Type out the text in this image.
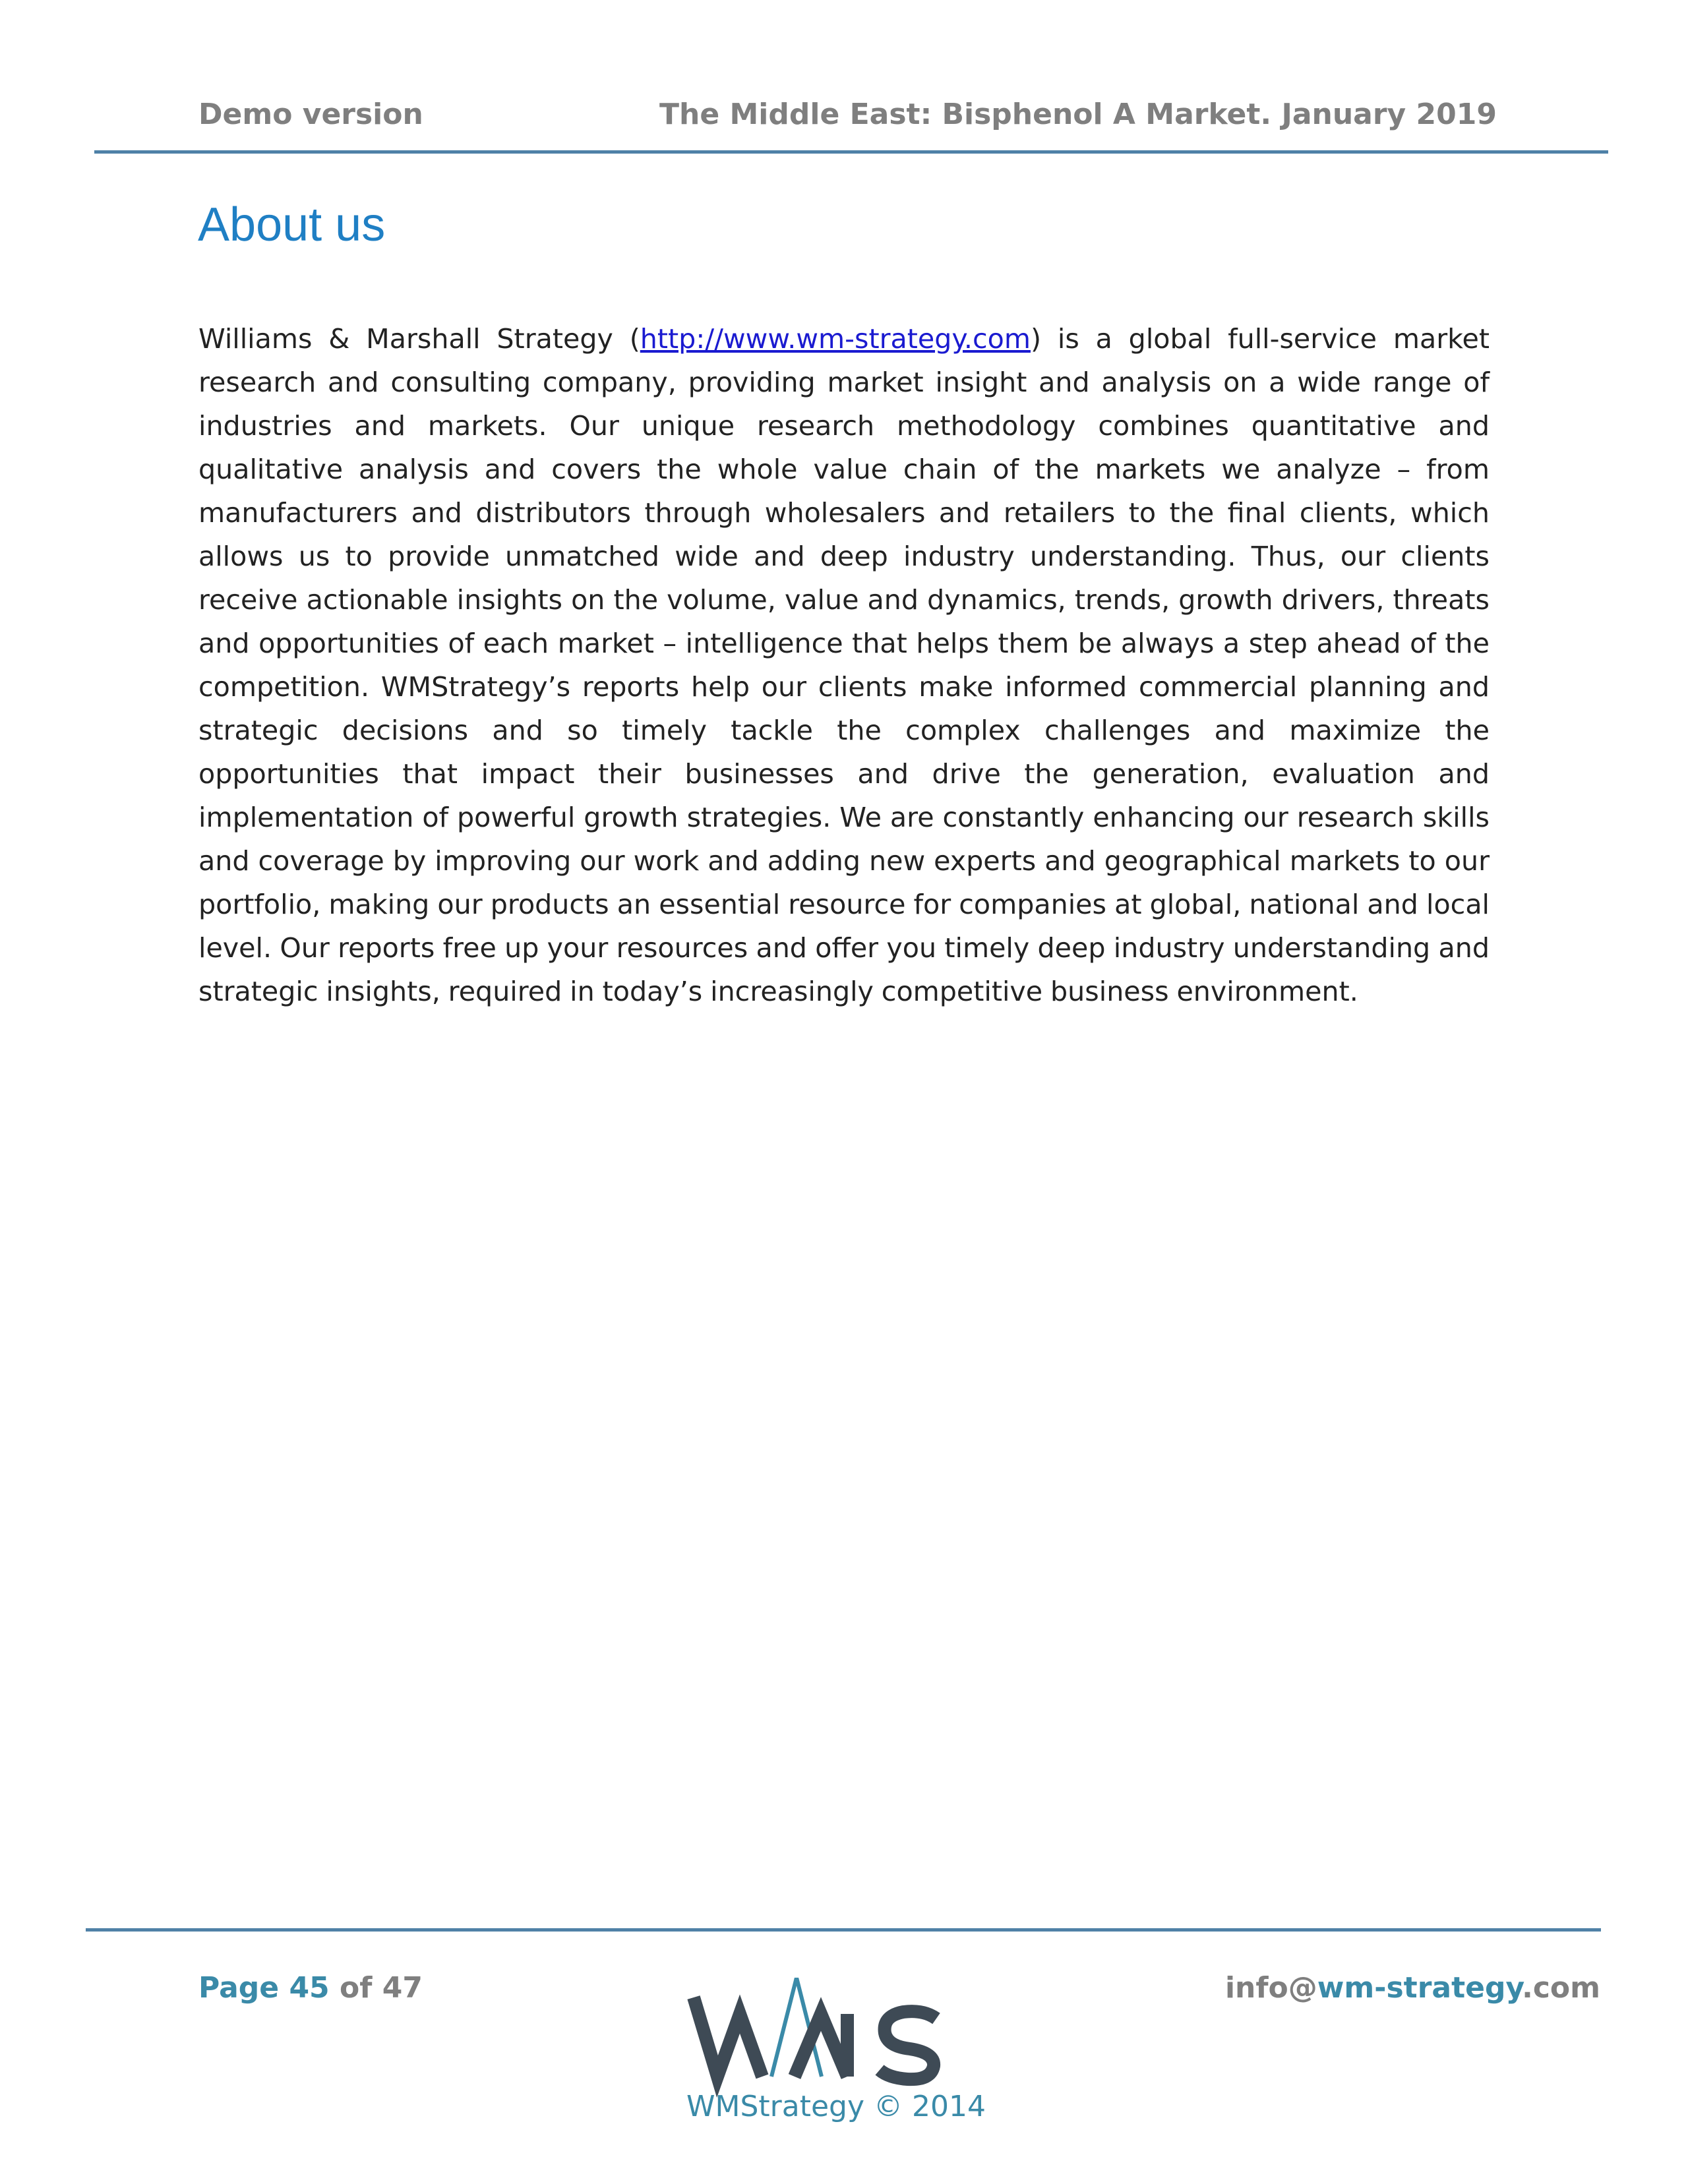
Demo version	The Middle East: Bisphenol A Market. January 2019
About us
Williams & Marshall Strategy (http://www.wm-strategy.com) is a global full-service market research and consulting company, providing market insight and analysis on a wide range of industries and markets. Our unique research methodology combines quantitative and qualitative analysis and covers the whole value chain of the markets we analyze – from manufacturers and distributors through wholesalers and retailers to the final clients, which allows us to provide unmatched wide and deep industry understanding. Thus, our clients receive actionable insights on the volume, value and dynamics, trends, growth drivers, threats and opportunities of each market – intelligence that helps them be always a step ahead of the competition. WMStrategy’s reports help our clients make informed commercial planning and strategic decisions and so timely tackle the complex challenges and maximize the opportunities that impact their businesses and drive the generation, evaluation and implementation of powerful growth strategies. We are constantly enhancing our research skills and coverage by improving our work and adding new experts and geographical markets to our portfolio, making our products an essential resource for companies at global, national and local level. Our reports free up your resources and offer you timely deep industry understanding and strategic insights, required in today’s increasingly competitive business environment.
Page 45 of 47	info@wm-strategy.com
WMStrategy © 2014
